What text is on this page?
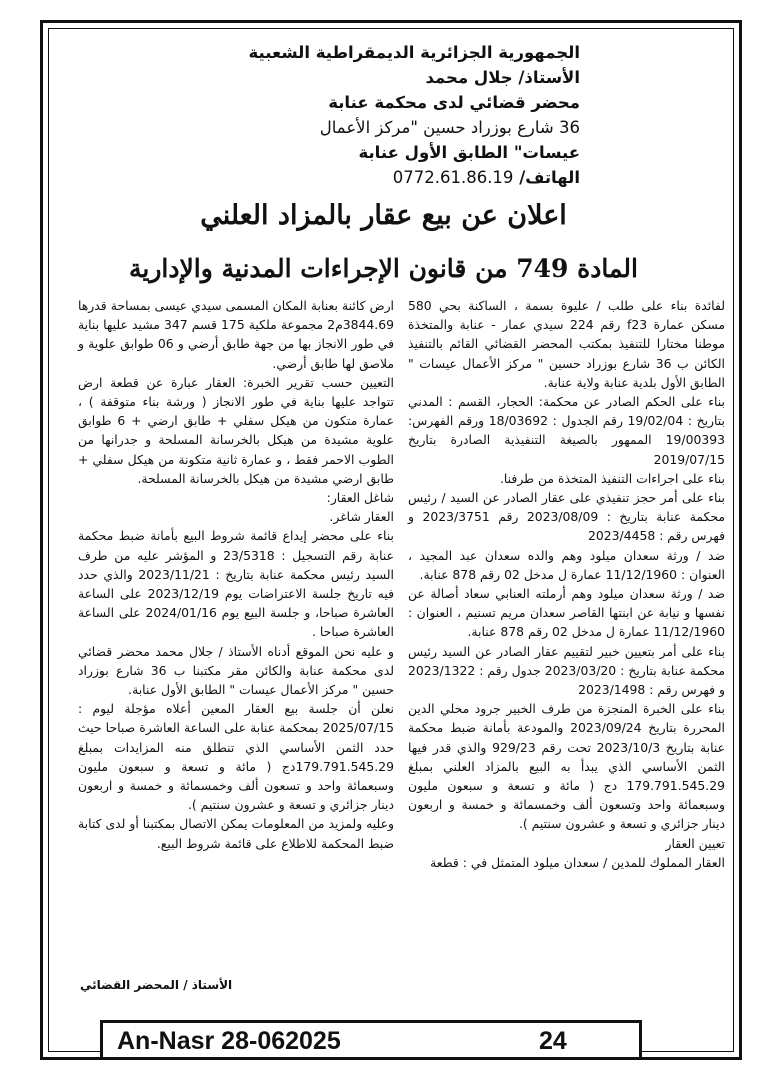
الجمهورية الجزائرية الديمقراطية الشعبية
الأستاذ/ جلال محمد
محضر قضائي لدى محكمة عنابة
36 شارع بوزراد حسين "مركز الأعمال
عيسات" الطابق الأول عنابة
الهاتف/ 0772.61.86.19
اعلان عن بيع عقار بالمزاد العلني
المادة 749 من قانون الإجراءات المدنية والإدارية

لفائدة بناء على طلب / عليوة بسمة ، الساكنة بحي 580 مسكن عمارة f23 رقم 224 سيدي عمار - عنابة والمتخذة موطنا مختارا للتنفيذ بمكتب المحضر القضائي القائم بالتنفيذ الكائن ب 36 شارع بوزراد حسين " مركز الأعمال عيسات " الطابق الأول بلدية عنابة ولاية عنابة.

بناء على الحكم الصادر عن محكمة: الحجار، القسم : المدني بتاريخ : 19/02/04 رقم الجدول : 18/03692 ورقم الفهرس: 19/00393 الممهور بالصيغة التنفيذية الصادرة بتاريخ 2019/07/15

بناء على اجراءات التنفيذ المتخذة من طرفنا.

بناء على أمر حجز تنفيذي على عقار الصادر عن السيد / رئيس محكمة عنابة بتاريخ : 2023/08/09 رقم 2023/3751 و فهرس رقم : 2023/4458

ضد / ورثة سعدان ميلود وهم والده سعدان عبد المجيد ، العنوان : 11/12/1960 عمارة ل مدخل 02 رقم 878 عنابة.

ضد / ورثة سعدان ميلود وهم أرملته العنابي سعاد أصالة عن نفسها و نيابة عن ابنتها القاصر سعدان مريم تسنيم ، العنوان : 11/12/1960 عمارة ل مدخل 02 رقم 878 عنابة.

بناء على أمر بتعيين خبير لتقييم عقار الصادر عن السيد رئيس محكمة عنابة بتاريخ : 2023/03/20 جدول رقم : 2023/1322 و فهرس رقم : 2023/1498

بناء على الخبرة المنجزة من طرف الخبير جرود محلي الدين المحررة بتاريخ 2023/09/24 والمودعة بأمانة ضبط محكمة عنابة بتاريخ 2023/10/3 تحت رقم 929/23 والذي قدر فيها الثمن الأساسي الذي يبدأ به البيع بالمزاد العلني بمبلغ 179.791.545.29 دج ( مائة و تسعة و سبعون مليون وسبعمائة واحد وتسعون ألف وخمسمائة و خمسة و اربعون دينار جزائري و تسعة و عشرون سنتيم ).

تعيين العقار

العقار المملوك للمدين / سعدان ميلود المتمثل في : قطعة

ارض كائنة بعنابة المكان المسمى سيدي عيسى بمساحة قدرها 3844.69م2 مجموعة ملكية 175 قسم 347 مشيد عليها بناية في طور الانجاز بها من جهة طابق أرضي و 06 طوابق علوية و ملاصق لها طابق أرضي.

التعيين حسب تقرير الخبرة: العقار عبارة عن قطعة ارض تتواجد عليها بناية في طور الانجاز ( ورشة بناء متوقفة ) ، عمارة متكون من هيكل سفلي + طابق ارضي + 6 طوابق علوية مشيدة من هيكل بالخرسانة المسلحة و جدرانها من الطوب الاحمر فقط ، و عمارة ثانية متكونة من هيكل سفلي + طابق ارضي مشيدة من هيكل بالخرسانة المسلحة.

شاغل العقار:

العقار شاغر.

بناء على محضر إيداع قائمة شروط البيع بأمانة ضبط محكمة عنابة رقم التسجيل : 23/5318 و المؤشر عليه من طرف السيد رئيس محكمة عنابة بتاريخ : 2023/11/21 والذي حدد فيه تاريخ جلسة الاعتراضات يوم 2023/12/19 على الساعة العاشرة صباحا، و جلسة البيع يوم 2024/01/16 على الساعة العاشرة صباحا .

و عليه نحن الموقع أدناه الأستاذ / جلال محمد محضر قضائي لدى محكمة عنابة والكائن مقر مكتبنا ب 36 شارع بوزراد حسين " مركز الأعمال عيسات " الطابق الأول عنابة.

نعلن أن جلسة بيع العقار المعين أعلاه مؤجلة ليوم : 2025/07/15 بمحكمة عنابة على الساعة العاشرة صباحا حيث حدد الثمن الأساسي الذي تنطلق منه المزايدات بمبلغ 179.791.545.29دج ( مائة و تسعة و سبعون مليون وسبعمائة واحد و تسعون ألف وخمسمائة و خمسة و اربعون دينار جزائري و تسعة و عشرون سنتيم ).

وعليه ولمزيد من المعلومات يمكن الاتصال بمكتبنا أو لدى كتابة ضبط المحكمة للاطلاع على قائمة شروط البيع.

الأستاذ / المحضر القضائي
An-Nasr 28-062025	24
